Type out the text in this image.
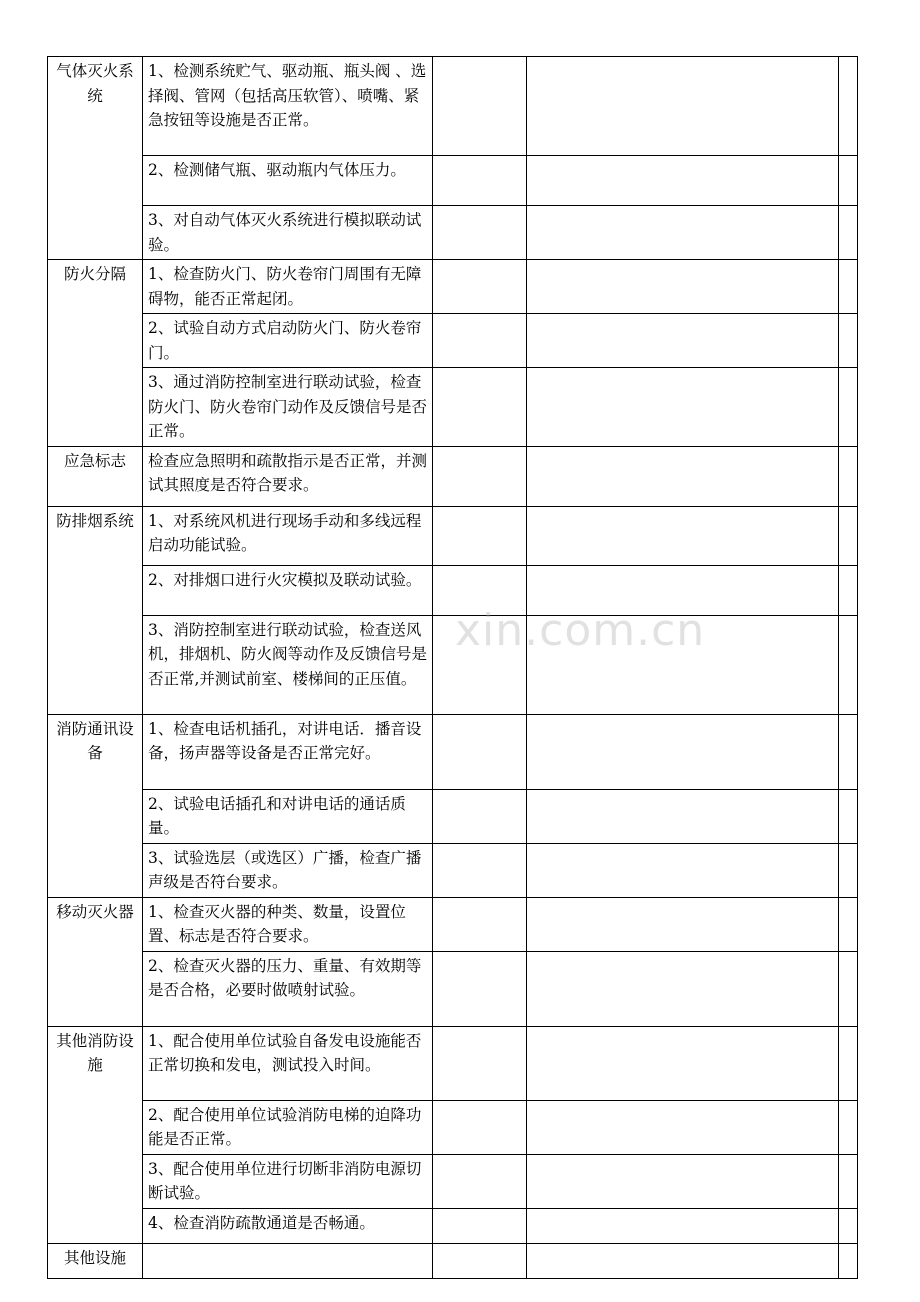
气体灭火系统	1、检测系统贮气、驱动瓶、瓶头阀 、选择阀、管网（包括高压软管）、喷嘴、紧急按钮等设施是否正常。			
	2、检测储气瓶、驱动瓶内气体压力。			
	3、对自动气体灭火系统进行模拟联动试验。			
防火分隔	1、检查防火门、防火卷帘门周围有无障碍物，能否正常起闭。			
	2、试验自动方式启动防火门、防火卷帘门。			
	3、通过消防控制室进行联动试验，检查防火门、防火卷帘门动作及反馈信号是否正常。			
应急标志	检查应急照明和疏散指示是否正常，并测试其照度是否符合要求。			
防排烟系统	1、对系统风机进行现场手动和多线远程启动功能试验。			
	2、对排烟口进行火灾模拟及联动试验。			
	3、消防控制室进行联动试验，检查送风机，排烟机、防火阀等动作及反馈信号是否正常,并测试前室、楼梯间的正压值。			
消防通讯设备	1、检查电话机插孔，对讲电话．播音设备，扬声器等设备是否正常完好。			
	2、试验电话插孔和对讲电话的通话质量。			
	3、试验选层（或选区）广播，检查广播声级是否符台要求。			
移动灭火器	1、检查灭火器的种类、数量，设置位置、标志是否符合要求。			
	2、检查灭火器的压力、重量、有效期等是否合格，必要时做喷射试验。			
其他消防设施	1、配合使用单位试验自备发电设施能否正常切换和发电，测试投入时间。			
	2、配合使用单位试验消防电梯的迫降功能是否正常。			
	3、配合使用单位进行切断非消防电源切断试验。			
	4、检查消防疏散通道是否畅通。			
其他设施				
xin.com.cn
